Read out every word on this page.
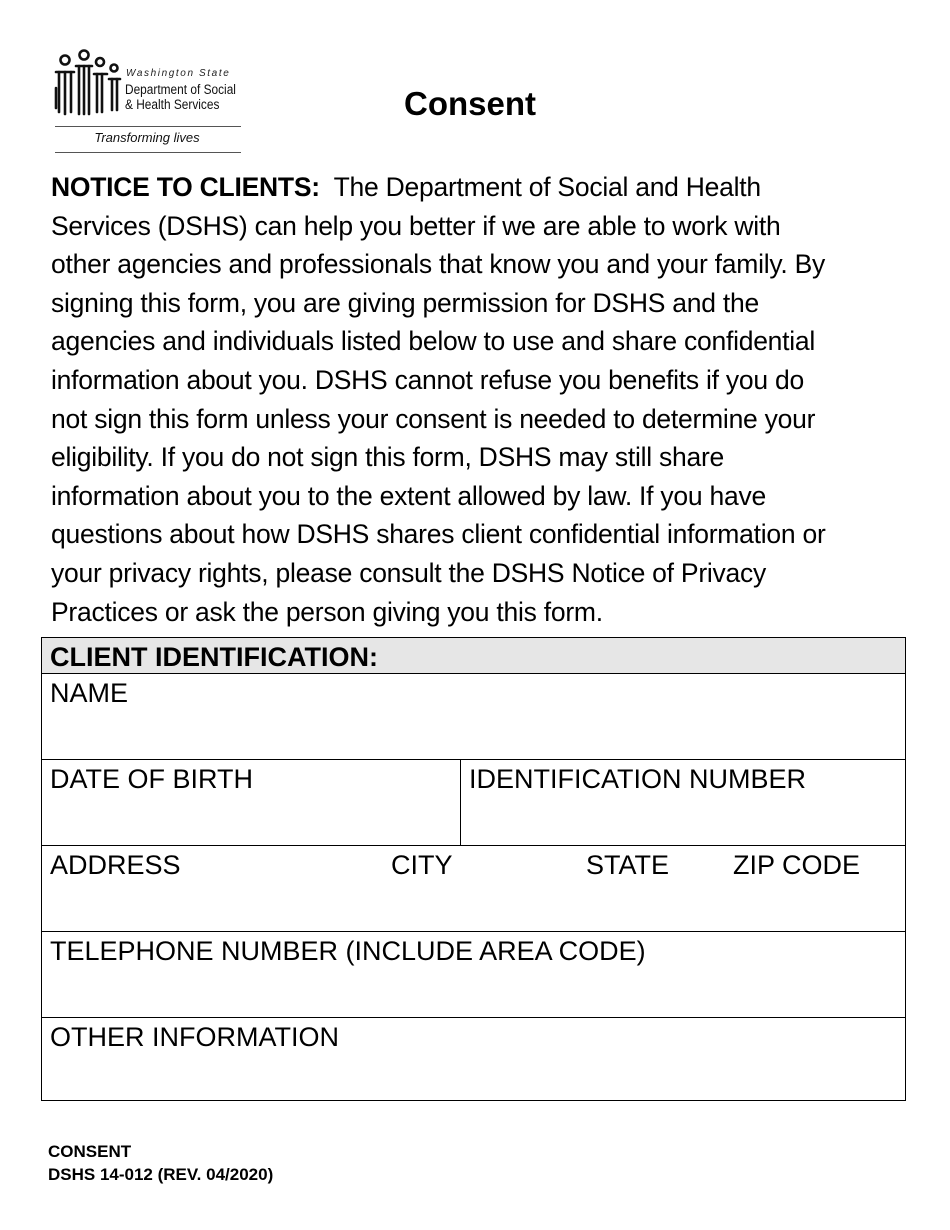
Washington State
Department of Social
& Health Services
Transforming lives
Consent
NOTICE TO CLIENTS: The Department of Social and Health
Services (DSHS) can help you better if we are able to work with
other agencies and professionals that know you and your family. By
signing this form, you are giving permission for DSHS and the
agencies and individuals listed below to use and share confidential
information about you. DSHS cannot refuse you benefits if you do
not sign this form unless your consent is needed to determine your
eligibility. If you do not sign this form, DSHS may still share
information about you to the extent allowed by law. If you have
questions about how DSHS shares client confidential information or
your privacy rights, please consult the DSHS Notice of Privacy
Practices or ask the person giving you this form.
CLIENT IDENTIFICATION:
NAME
DATE OF BIRTH	IDENTIFICATION NUMBER
ADDRESS	CITY	STATE ZIP CODE
TELEPHONE NUMBER (INCLUDE AREA CODE)
OTHER INFORMATION
CONSENT
DSHS 14-012 (REV. 04/2020)
